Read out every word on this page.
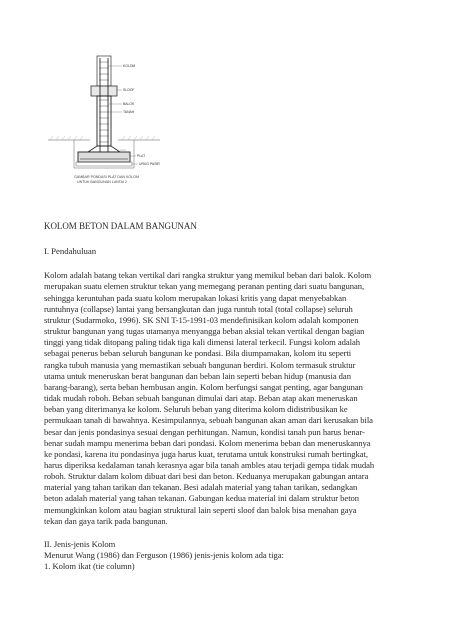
KOLOM
SLOOF
BALOK
TANAH
PLAT
URUG PASIR
GAMBAR PONDASI PLAT DAN KOLOM
UNTUK BANGUNAN LANTAI 2

KOLOM BETON DALAM BANGUNAN

I. Pendahuluan

Kolom adalah batang tekan vertikal dari rangka struktur yang memikul beban dari balok. Kolom
merupakan suatu elemen struktur tekan yang memegang peranan penting dari suatu bangunan,
sehingga keruntuhan pada suatu kolom merupakan lokasi kritis yang dapat menyebabkan
runtuhnya (collapse) lantai yang bersangkutan dan juga runtuh total (total collapse) seluruh
struktur (Sudarmoko, 1996). SK SNI T-15-1991-03 mendefinisikan kolom adalah komponen
struktur bangunan yang tugas utamanya menyangga beban aksial tekan vertikal dengan bagian
tinggi yang tidak ditopang paling tidak tiga kali dimensi lateral terkecil. Fungsi kolom adalah
sebagai penerus beban seluruh bangunan ke pondasi. Bila diumpamakan, kolom itu seperti
rangka tubuh manusia yang memastikan sebuah bangunan berdiri. Kolom termasuk struktur
utama untuk meneruskan berat bangunan dan beban lain seperti beban hidup (manusia dan
barang-barang), serta beban hembusan angin. Kolom berfungsi sangat penting, agar bangunan
tidak mudah roboh. Beban sebuah bangunan dimulai dari atap. Beban atap akan meneruskan
beban yang diterimanya ke kolom. Seluruh beban yang diterima kolom didistribusikan ke
permukaan tanah di bawahnya. Kesimpulannya, sebuah bangunan akan aman dari kerusakan bila
besar dan jenis pondasinya sesuai dengan perhitungan. Namun, kondisi tanah pun harus benar-
benar sudah mampu menerima beban dari pondasi. Kolom menerima beban dan meneruskannya
ke pondasi, karena itu pondasinya juga harus kuat, terutama untuk konstruksi rumah bertingkat,
harus diperiksa kedalaman tanah kerasnya agar bila tanah ambles atau terjadi gempa tidak mudah
roboh. Struktur dalam kolom dibuat dari besi dan beton. Keduanya merupakan gabungan antara
material yang tahan tarikan dan tekanan. Besi adalah material yang tahan tarikan, sedangkan
beton adalah material yang tahan tekanan. Gabungan kedua material ini dalam struktur beton
memungkinkan kolom atau bagian struktural lain seperti sloof dan balok bisa menahan gaya
tekan dan gaya tarik pada bangunan.

II. Jenis-jenis Kolom

Menurut Wang (1986) dan Ferguson (1986) jenis-jenis kolom ada tiga:

1. Kolom ikat (tie column)
